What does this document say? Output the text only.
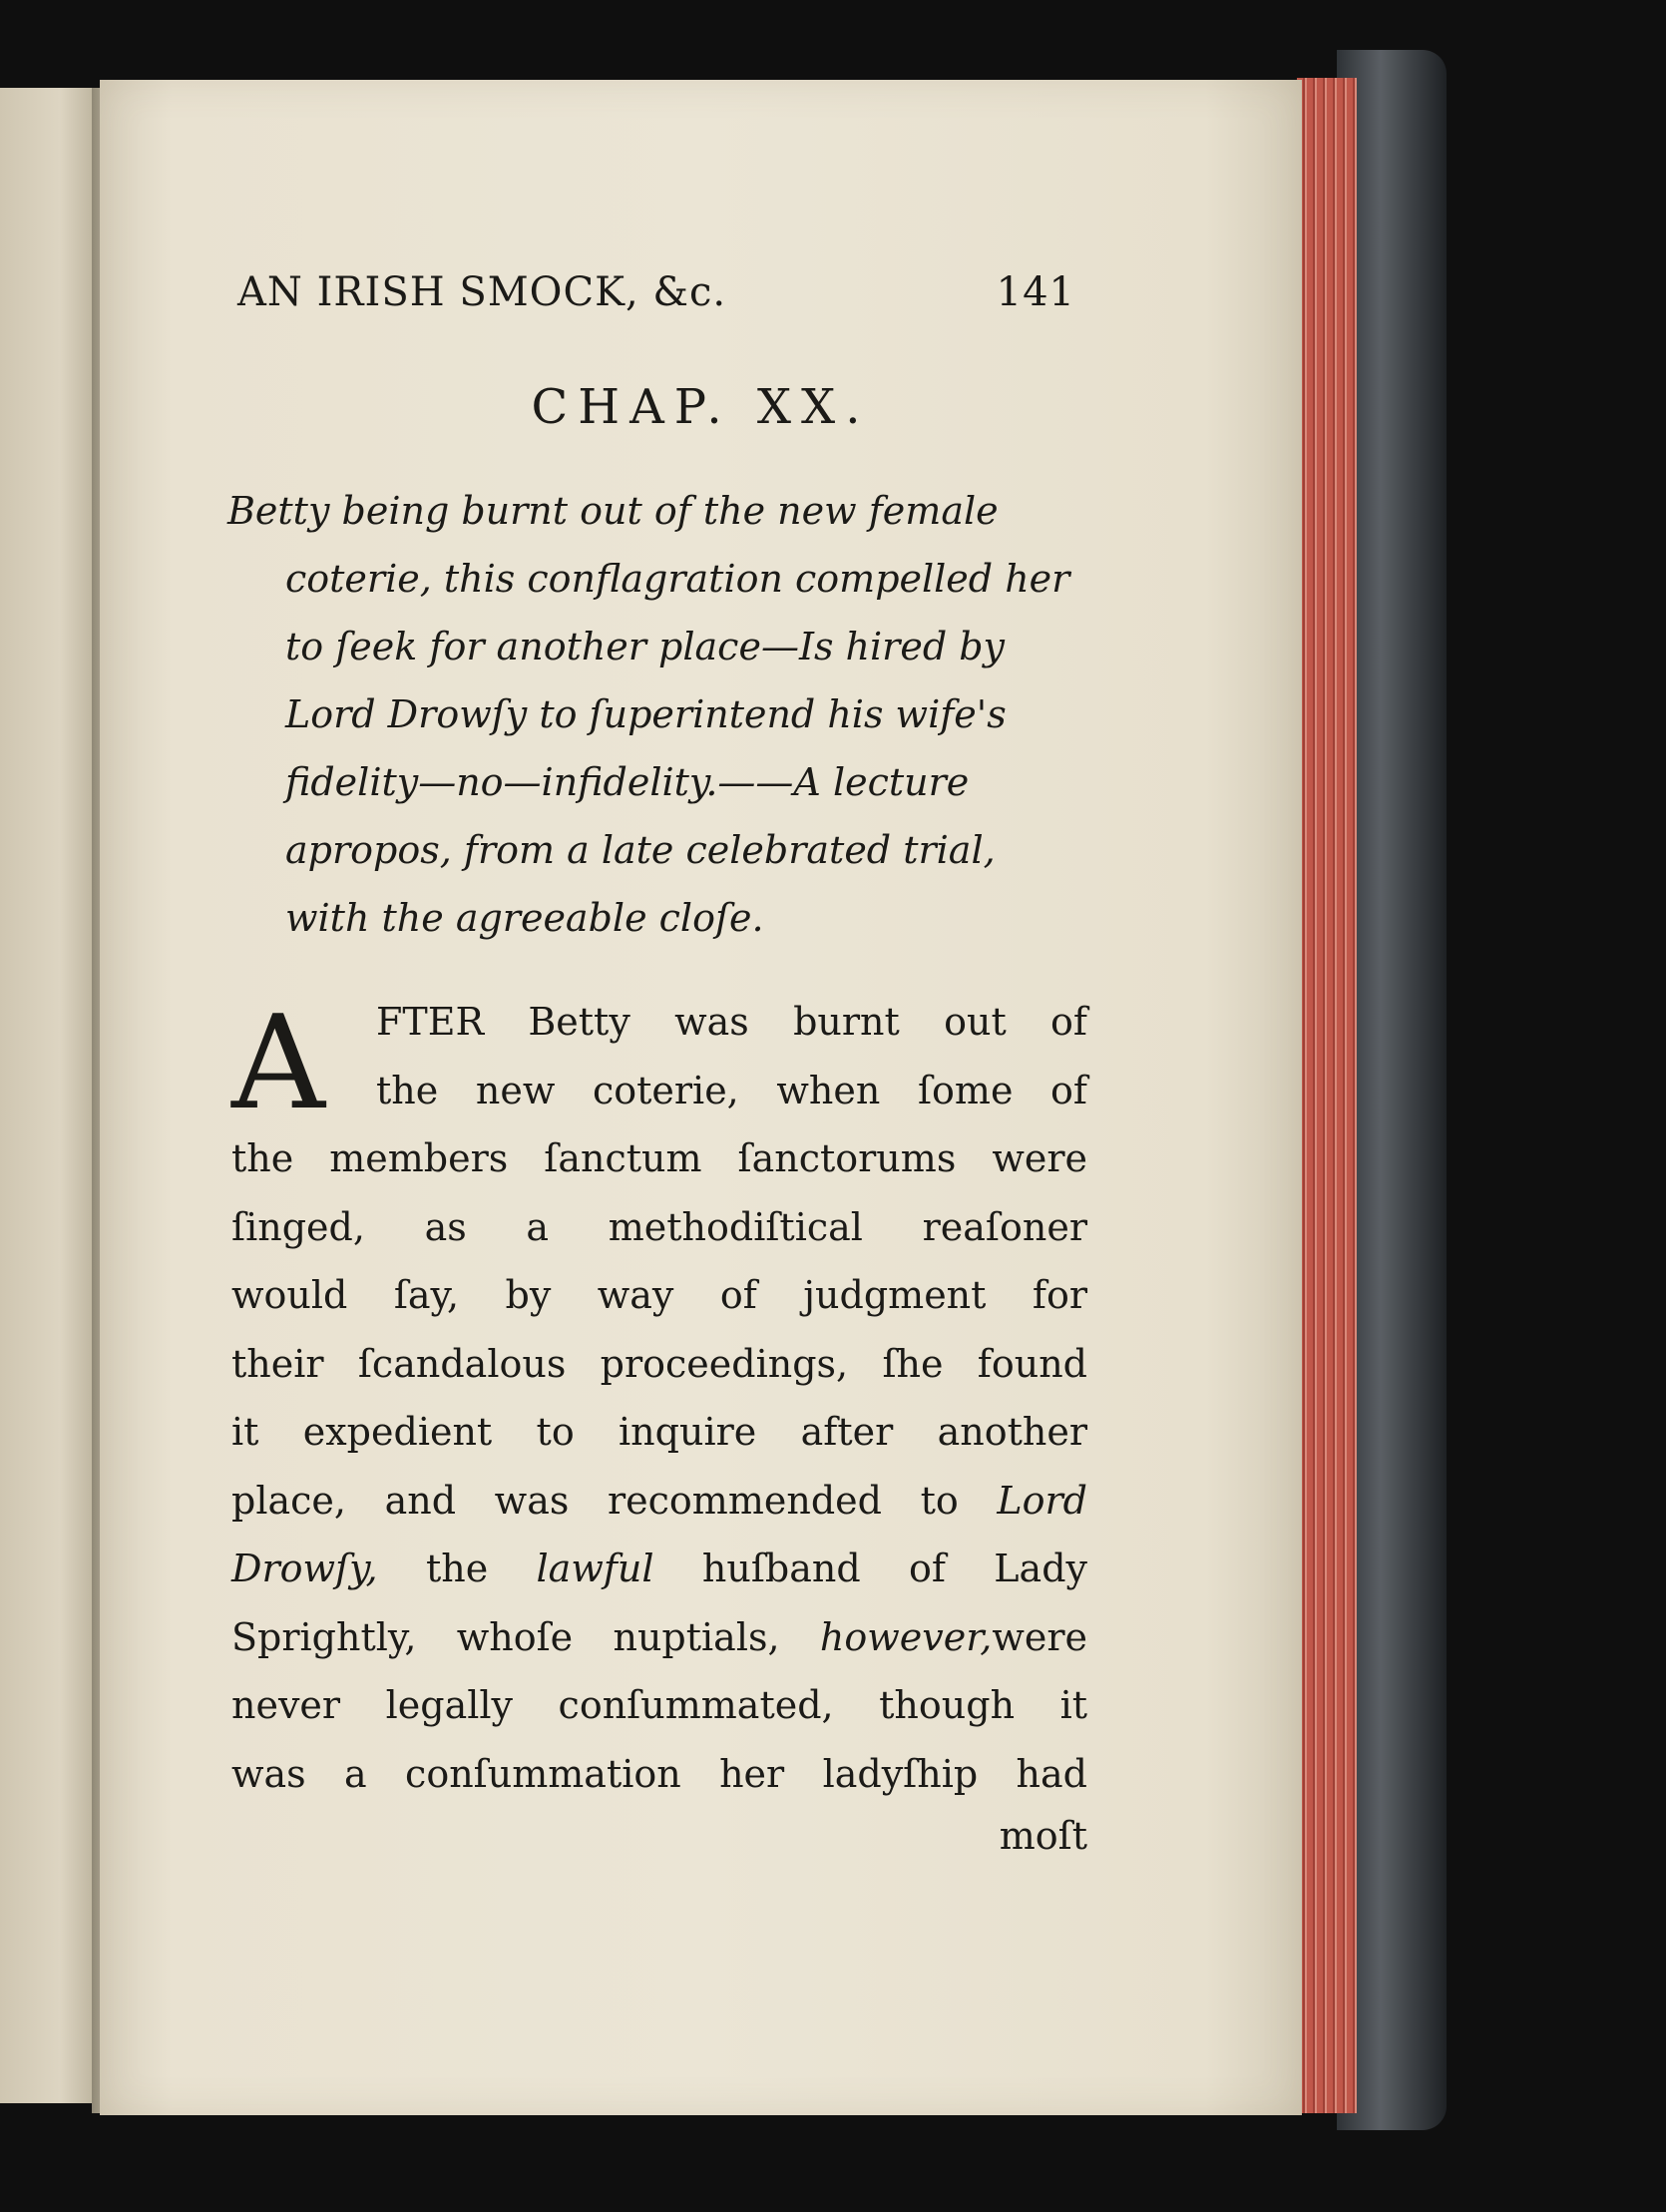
AN IRISH SMOCK, &c.	141
CHAP. XX.
Betty being burnt out of the new female
coterie, this conflagration compelled her
to ſeek for another place—Is hired by
Lord Drowſy to ſuperintend his wife's
fidelity—no—infidelity.——A lecture
apropos, from a late celebrated trial,
with the agreeable cloſe.
A	FTER Betty was burnt out of
the new coterie, when ſome of
the members ſanctum ſanctorums were
ſinged, as a methodiſtical reaſoner
would ſay, by way of judgment for
their ſcandalous proceedings, ſhe found
it expedient to inquire after another
place, and was recommended to Lord
Drowſy, the lawful huſband of Lady
Sprightly, whoſe nuptials, however,were
never legally conſummated, though it
was a conſummation her ladyſhip had
moſt
